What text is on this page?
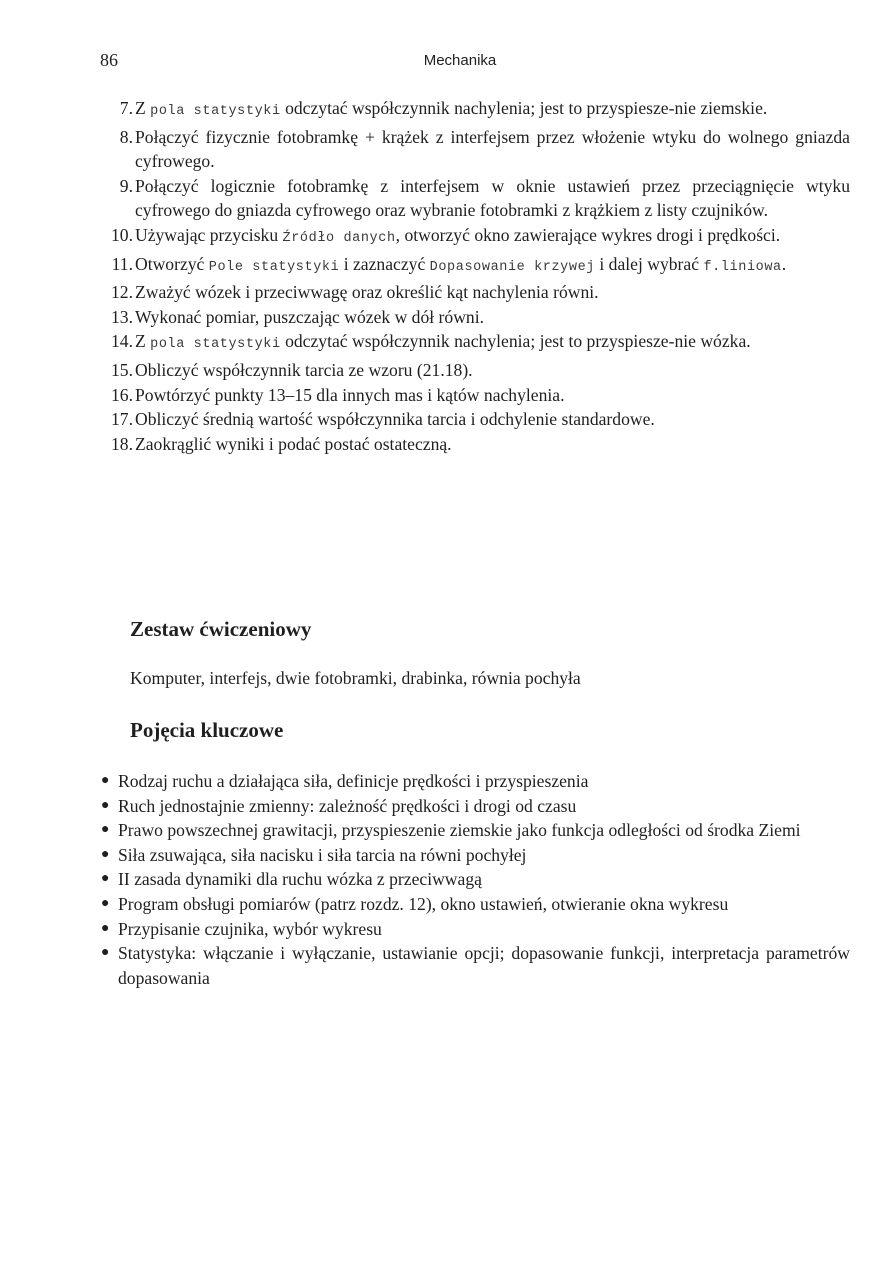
86	Mechanika
7. Z pola statystyki odczytać współczynnik nachylenia; jest to przyspiesze-nie ziemskie.
8. Połączyć fizycznie fotobramkę + krążek z interfejsem przez włożenie wtyku do wolnego gniazda cyfrowego.
9. Połączyć logicznie fotobramkę z interfejsem w oknie ustawień przez przeciągnięcie wtyku cyfrowego do gniazda cyfrowego oraz wybranie fotobramki z krążkiem z listy czujników.
10. Używając przycisku Źródło danych, otworzyć okno zawierające wykres drogi i prędkości.
11. Otworzyć Pole statystyki i zaznaczyć Dopasowanie krzywej i dalej wybrać f.liniowa.
12. Zważyć wózek i przeciwwagę oraz określić kąt nachylenia równi.
13. Wykonać pomiar, puszczając wózek w dół równi.
14. Z pola statystyki odczytać współczynnik nachylenia; jest to przyspiesze-nie wózka.
15. Obliczyć współczynnik tarcia ze wzoru (21.18).
16. Powtórzyć punkty 13–15 dla innych mas i kątów nachylenia.
17. Obliczyć średnią wartość współczynnika tarcia i odchylenie standardowe.
18. Zaokrąglić wyniki i podać postać ostateczną.
Zestaw ćwiczeniowy

Komputer, interfejs, dwie fotobramki, drabinka, równia pochyła

Pojęcia kluczowe
● Rodzaj ruchu a działająca siła, definicje prędkości i przyspieszenia
● Ruch jednostajnie zmienny: zależność prędkości i drogi od czasu
● Prawo powszechnej grawitacji, przyspieszenie ziemskie jako funkcja odległości od środka Ziemi
● Siła zsuwająca, siła nacisku i siła tarcia na równi pochyłej
● II zasada dynamiki dla ruchu wózka z przeciwwagą
● Program obsługi pomiarów (patrz rozdz. 12), okno ustawień, otwieranie okna wykresu
● Przypisanie czujnika, wybór wykresu
● Statystyka: włączanie i wyłączanie, ustawianie opcji; dopasowanie funkcji, interpretacja parametrów dopasowania
